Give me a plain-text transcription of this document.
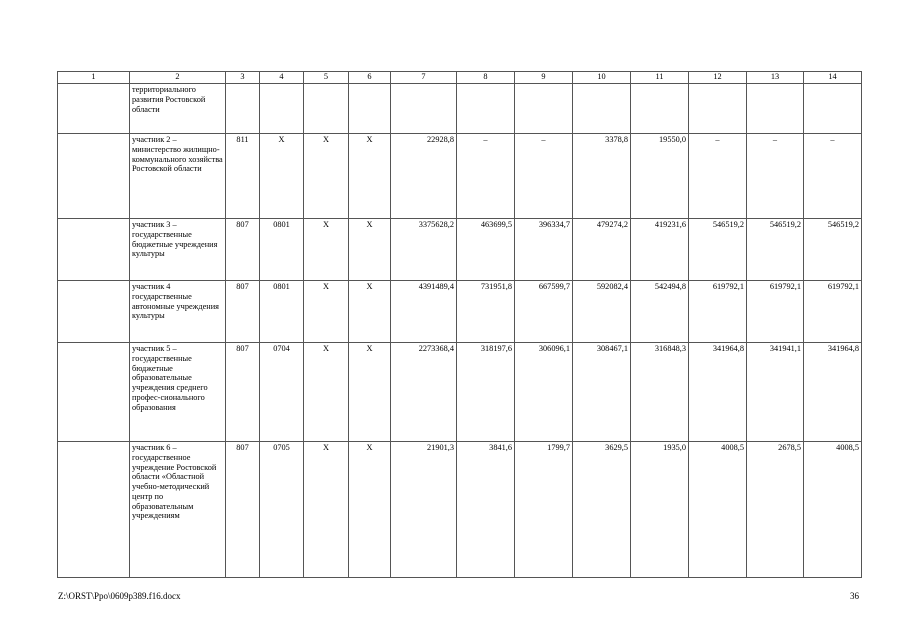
1	2	3	4	5	6	7	8	9	10	11	12	13	14
	территориального развития Ростовской области												
	участник 2 – министерство жилищно-коммунального хозяйства Ростовской области	811	Х	Х	Х	22928,8	–	–	3378,8	19550,0	–	–	–
	участник 3 – государственные бюджетные учреждения культуры	807	0801	Х	Х	3375628,2	463699,5	396334,7	479274,2	419231,6	546519,2	546519,2	546519,2
	участник 4 государственные автономные учреждения культуры	807	0801	Х	Х	4391489,4	731951,8	667599,7	592082,4	542494,8	619792,1	619792,1	619792,1
	участник 5 – государственные бюджетные образовательные учреждения среднего профес-сионального образования	807	0704	Х	Х	2273368,4	318197,6	306096,1	308467,1	316848,3	341964,8	341941,1	341964,8
	участник 6 – государственное учреждение Ростовской области «Областной учебно-методический центр по образовательным учреждениям	807	0705	Х	Х	21901,3	3841,6	1799,7	3629,5	1935,0	4008,5	2678,5	4008,5
Z:\ORST\Ppo\0609p389.f16.docx	36
